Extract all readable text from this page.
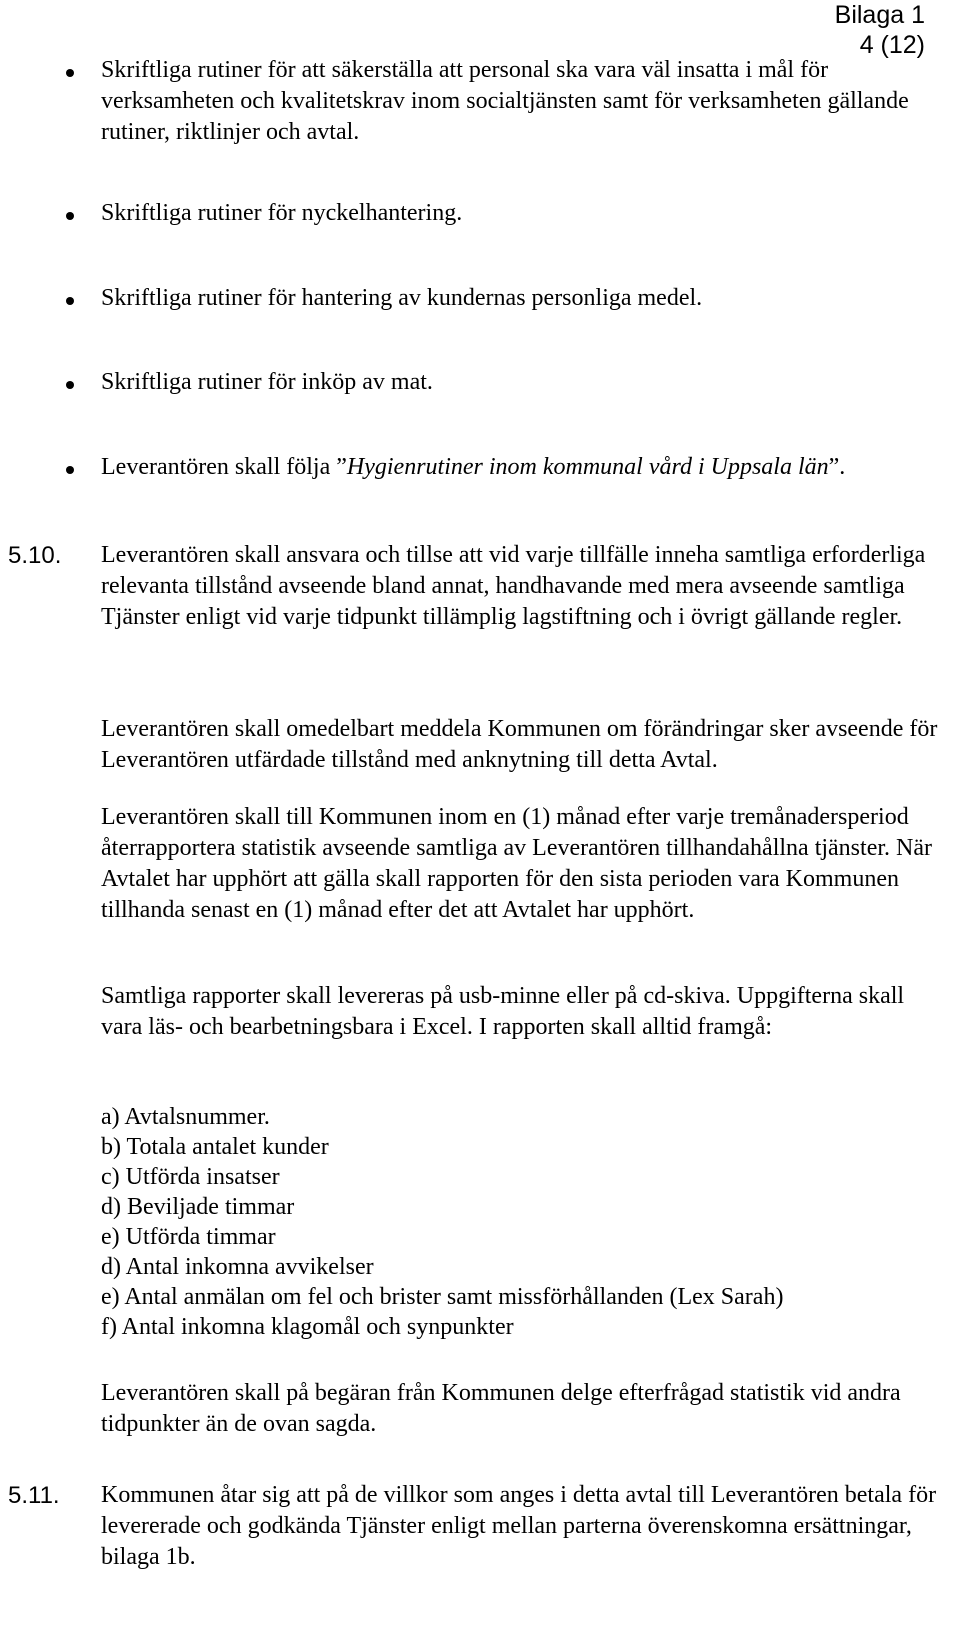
Bilaga 1
4 (12)
Skriftliga rutiner för att säkerställa att personal ska vara väl insatta i mål för verksamheten och kvalitetskrav inom socialtjänsten samt för verksamheten gällande rutiner, riktlinjer och avtal.
Skriftliga rutiner för nyckelhantering.
Skriftliga rutiner för hantering av kundernas personliga medel.
Skriftliga rutiner för inköp av mat.
Leverantören skall följa ”Hygienrutiner inom kommunal vård i Uppsala län”.
5.10. Leverantören skall ansvara och tillse att vid varje tillfälle inneha samtliga erforderliga relevanta tillstånd avseende bland annat, handhavande med mera avseende samtliga Tjänster enligt vid varje tidpunkt tillämplig lagstiftning och i övrigt gällande regler.
Leverantören skall omedelbart meddela Kommunen om förändringar sker avseende för Leverantören utfärdade tillstånd med anknytning till detta Avtal.
Leverantören skall till Kommunen inom en (1) månad efter varje tremånadersperiod återrapportera statistik avseende samtliga av Leverantören tillhandahållna tjänster. När Avtalet har upphört att gälla skall rapporten för den sista perioden vara Kommunen tillhanda senast en (1) månad efter det att Avtalet har upphört.
Samtliga rapporter skall levereras på usb-minne eller på cd-skiva. Uppgifterna skall vara läs- och bearbetningsbara i Excel. I rapporten skall alltid framgå:
a) Avtalsnummer.
b) Totala antalet kunder
c) Utförda insatser
d) Beviljade timmar
e) Utförda timmar
d) Antal inkomna avvikelser
e) Antal anmälan om fel och brister samt missförhållanden (Lex Sarah)
f) Antal inkomna klagomål och synpunkter
Leverantören skall på begäran från Kommunen delge efterfrågad statistik vid andra tidpunkter än de ovan sagda.
5.11. Kommunen åtar sig att på de villkor som anges i detta avtal till Leverantören betala för levererade och godkända Tjänster enligt mellan parterna överenskomna ersättningar, bilaga 1b.
